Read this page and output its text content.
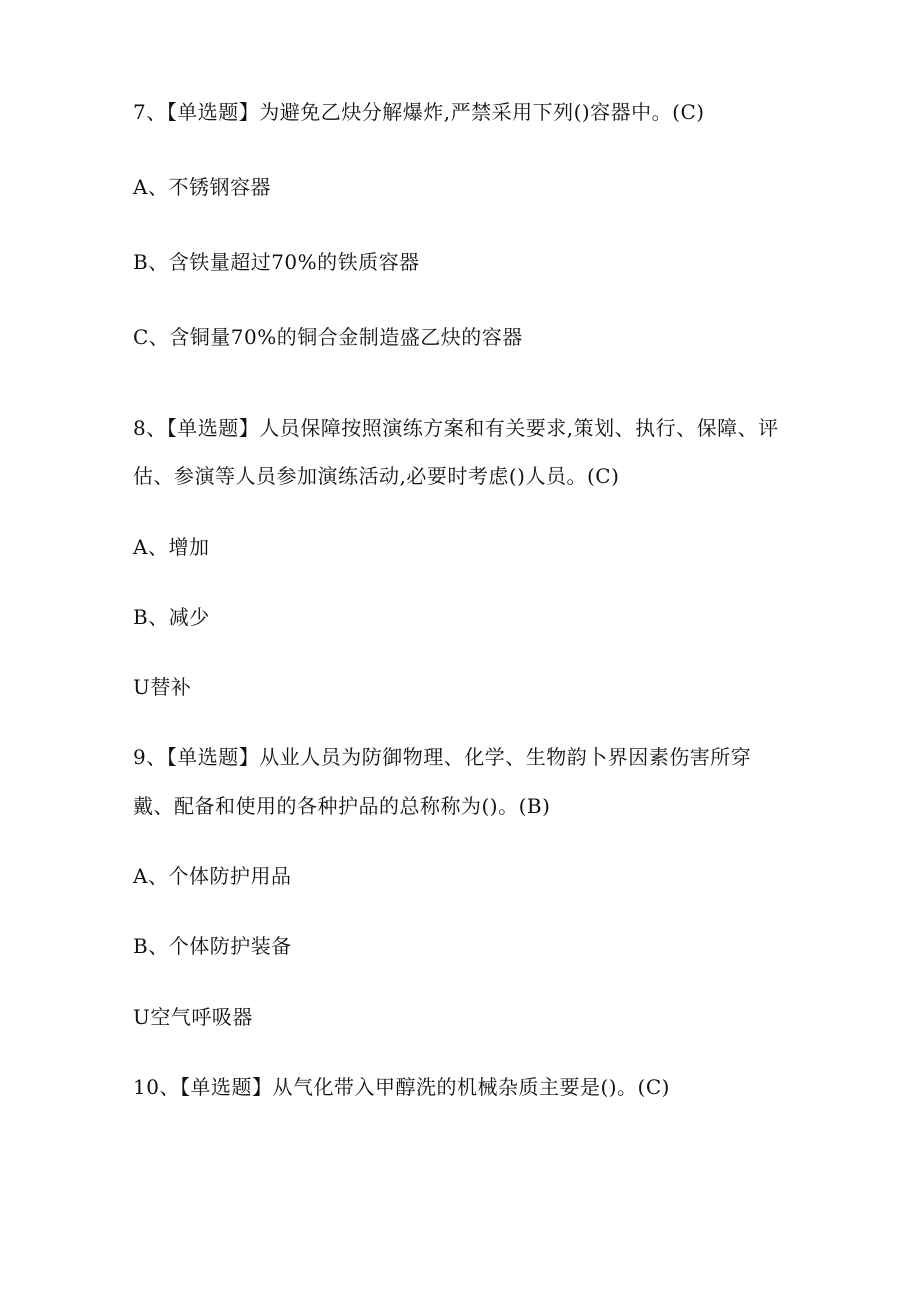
7、【单选题】为避免乙炔分解爆炸,严禁采用下列()容器中。(C)
A、不锈钢容器
B、含铁量超过70%的铁质容器
C、含铜量70%的铜合金制造盛乙炔的容器
8、【单选题】人员保障按照演练方案和有关要求,策划、执行、保障、评
估、参演等人员参加演练活动,必要时考虑()人员。(C)
A、增加
B、减少
U替补
9、【单选题】从业人员为防御物理、化学、生物韵卜界因素伤害所穿
戴、配备和使用的各种护品的总称称为()。(B)
A、个体防护用品
B、个体防护装备
U空气呼吸器
10、【单选题】从气化带入甲醇洗的机械杂质主要是()。(C)
